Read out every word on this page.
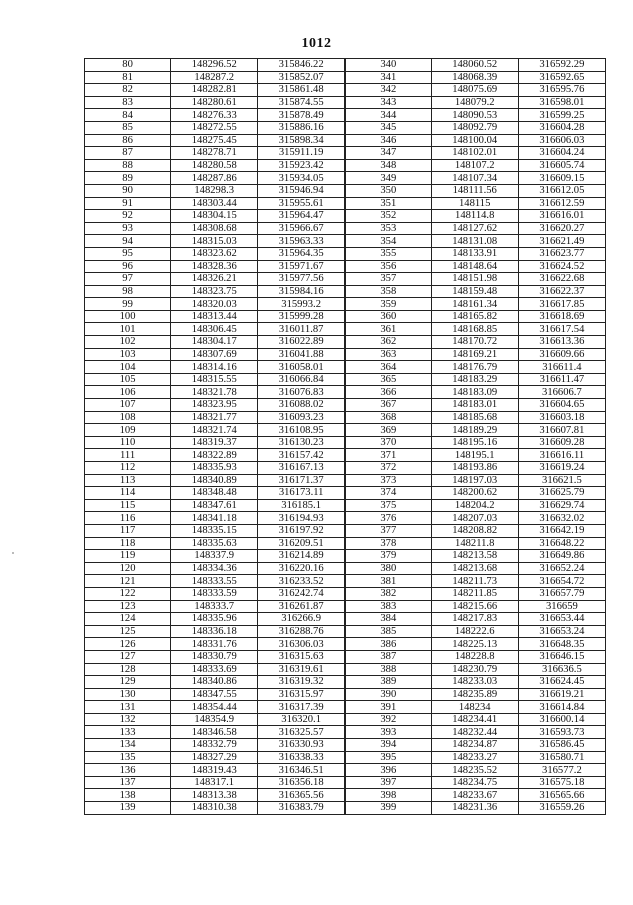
1012
80	148296.52	315846.22	340	148060.52	316592.29
81	148287.2	315852.07	341	148068.39	316592.65
82	148282.81	315861.48	342	148075.69	316595.76
83	148280.61	315874.55	343	148079.2	316598.01
84	148276.33	315878.49	344	148090.53	316599.25
85	148272.55	315886.16	345	148092.79	316604.28
86	148275.45	315898.34	346	148100.04	316606.03
87	148278.71	315911.19	347	148102.01	316604.24
88	148280.58	315923.42	348	148107.2	316605.74
89	148287.86	315934.05	349	148107.34	316609.15
90	148298.3	315946.94	350	148111.56	316612.05
91	148303.44	315955.61	351	148115	316612.59
92	148304.15	315964.47	352	148114.8	316616.01
93	148308.68	315966.67	353	148127.62	316620.27
94	148315.03	315963.33	354	148131.08	316621.49
95	148323.62	315964.35	355	148133.91	316623.77
96	148328.36	315971.67	356	148148.64	316624.52
97	148326.21	315977.56	357	148151.98	316622.68
98	148323.75	315984.16	358	148159.48	316622.37
99	148320.03	315993.2	359	148161.34	316617.85
100	148313.44	315999.28	360	148165.82	316618.69
101	148306.45	316011.87	361	148168.85	316617.54
102	148304.17	316022.89	362	148170.72	316613.36
103	148307.69	316041.88	363	148169.21	316609.66
104	148314.16	316058.01	364	148176.79	316611.4
105	148315.55	316066.84	365	148183.29	316611.47
106	148321.78	316076.83	366	148183.09	316606.7
107	148323.95	316088.02	367	148183.01	316604.65
108	148321.77	316093.23	368	148185.68	316603.18
109	148321.74	316108.95	369	148189.29	316607.81
110	148319.37	316130.23	370	148195.16	316609.28
111	148322.89	316157.42	371	148195.1	316616.11
112	148335.93	316167.13	372	148193.86	316619.24
113	148340.89	316171.37	373	148197.03	316621.5
114	148348.48	316173.11	374	148200.62	316625.79
115	148347.61	316185.1	375	148204.2	316629.74
116	148341.18	316194.93	376	148207.03	316632.02
117	148335.15	316197.92	377	148208.82	316642.19
118	148335.63	316209.51	378	148211.8	316648.22
119	148337.9	316214.89	379	148213.58	316649.86
120	148334.36	316220.16	380	148213.68	316652.24
121	148333.55	316233.52	381	148211.73	316654.72
122	148333.59	316242.74	382	148211.85	316657.79
123	148333.7	316261.87	383	148215.66	316659
124	148335.96	316266.9	384	148217.83	316653.44
125	148336.18	316288.76	385	148222.6	316653.24
126	148331.76	316306.03	386	148225.13	316648.35
127	148330.79	316315.63	387	148228.8	316646.15
128	148333.69	316319.61	388	148230.79	316636.5
129	148340.86	316319.32	389	148233.03	316624.45
130	148347.55	316315.97	390	148235.89	316619.21
131	148354.44	316317.39	391	148234	316614.84
132	148354.9	316320.1	392	148234.41	316600.14
133	148346.58	316325.57	393	148232.44	316593.73
134	148332.79	316330.93	394	148234.87	316586.45
135	148327.29	316338.33	395	148233.27	316580.71
136	148319.43	316346.51	396	148235.52	316577.2
137	148317.1	316356.18	397	148234.75	316575.18
138	148313.38	316365.56	398	148233.67	316565.66
139	148310.38	316383.79	399	148231.36	316559.26
